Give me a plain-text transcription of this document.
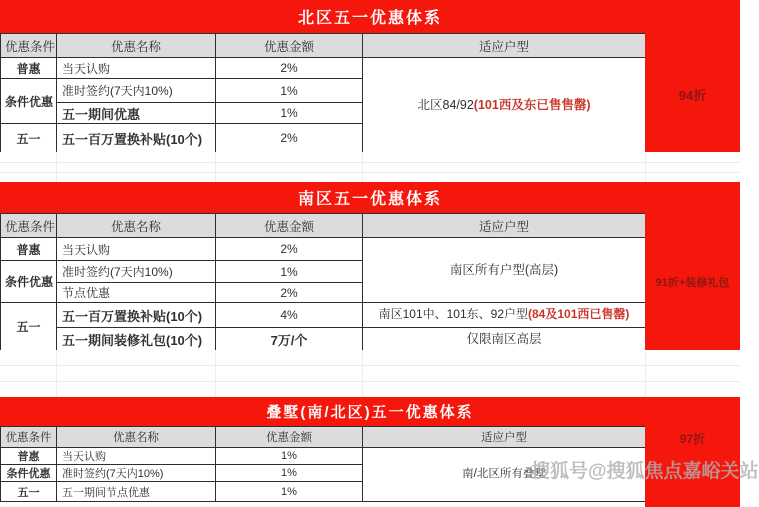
北区五一优惠体系
优惠条件	优惠名称	优惠金额	适应户型
普惠	当天认购	2%	北区84/92(101西及东已售售罄)
条件优惠	准时签约(7天内10%)	1%	
	五一期间优惠	1%	
五一	五一百万置换补贴(10个)	2%	
94折
南区五一优惠体系
优惠条件	优惠名称	优惠金额	适应户型
普惠	当天认购	2%	南区所有户型(高层)
条件优惠	准时签约(7天内10%)	1%	
	节点优惠	2%	
五一	五一百万置换补贴(10个)	4%	南区101中、101东、92户型(84及101西已售罄)
	五一期间装修礼包(10个)	7万/个	仅限南区高层
91折+装修礼包
叠墅(南/北区)五一优惠体系
优惠条件	优惠名称	优惠金额	适应户型
普惠	当天认购	1%	南/北区所有叠墅
条件优惠	准时签约(7天内10%)	1%	
五一	五一期间节点优惠	1%	
97折
搜狐号@搜狐焦点嘉峪关站
